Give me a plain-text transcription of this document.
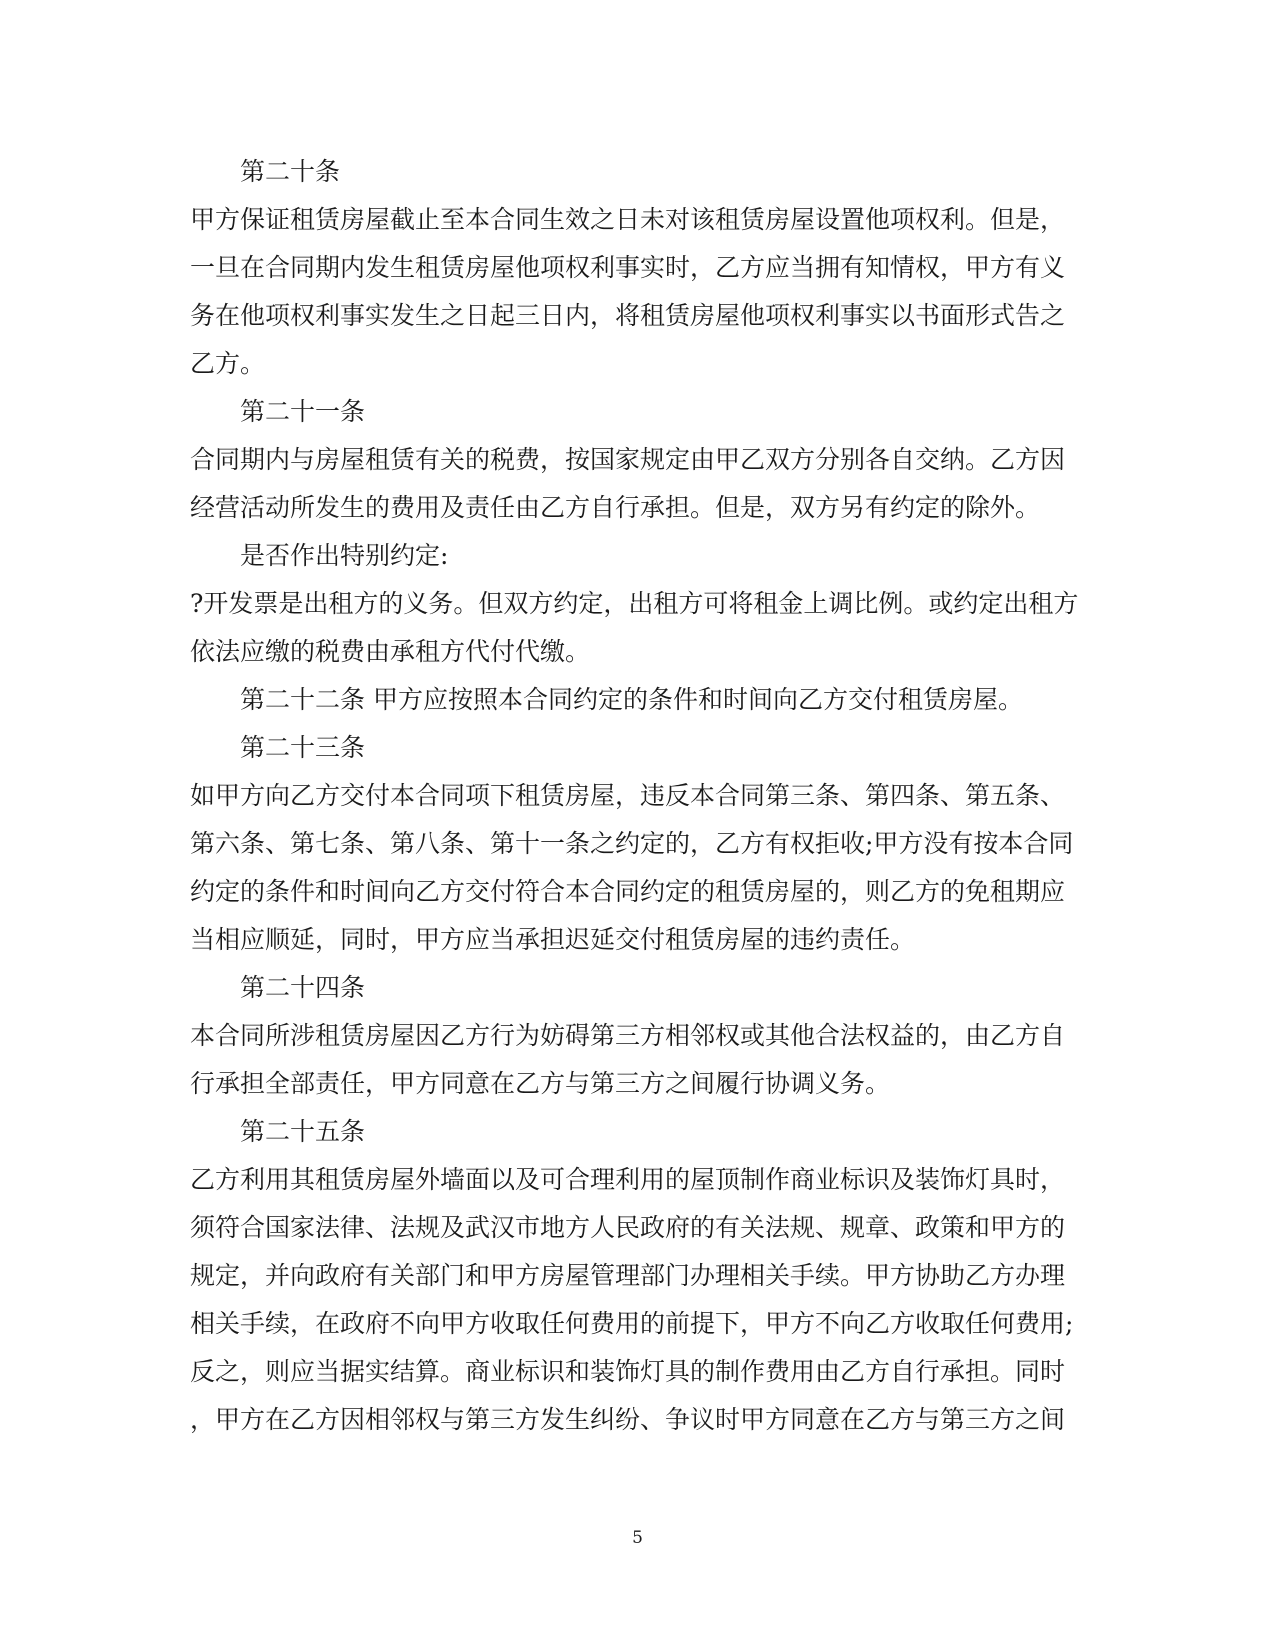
第二十条
甲方保证租赁房屋截止至本合同生效之日未对该租赁房屋设置他项权利。但是，
一旦在合同期内发生租赁房屋他项权利事实时，乙方应当拥有知情权，甲方有义
务在他项权利事实发生之日起三日内，将租赁房屋他项权利事实以书面形式告之
乙方。
第二十一条
合同期内与房屋租赁有关的税费，按国家规定由甲乙双方分别各自交纳。乙方因
经营活动所发生的费用及责任由乙方自行承担。但是，双方另有约定的除外。
是否作出特别约定:
?开发票是出租方的义务。但双方约定，出租方可将租金上调比例。或约定出租方
依法应缴的税费由承租方代付代缴。
第二十二条 甲方应按照本合同约定的条件和时间向乙方交付租赁房屋。
第二十三条
如甲方向乙方交付本合同项下租赁房屋，违反本合同第三条、第四条、第五条、
第六条、第七条、第八条、第十一条之约定的，乙方有权拒收;甲方没有按本合同
约定的条件和时间向乙方交付符合本合同约定的租赁房屋的，则乙方的免租期应
当相应顺延，同时，甲方应当承担迟延交付租赁房屋的违约责任。
第二十四条
本合同所涉租赁房屋因乙方行为妨碍第三方相邻权或其他合法权益的，由乙方自
行承担全部责任，甲方同意在乙方与第三方之间履行协调义务。
第二十五条
乙方利用其租赁房屋外墙面以及可合理利用的屋顶制作商业标识及装饰灯具时，
须符合国家法律、法规及武汉市地方人民政府的有关法规、规章、政策和甲方的
规定，并向政府有关部门和甲方房屋管理部门办理相关手续。甲方协助乙方办理
相关手续，在政府不向甲方收取任何费用的前提下，甲方不向乙方收取任何费用;
反之，则应当据实结算。商业标识和装饰灯具的制作费用由乙方自行承担。同时
，甲方在乙方因相邻权与第三方发生纠纷、争议时甲方同意在乙方与第三方之间
5
